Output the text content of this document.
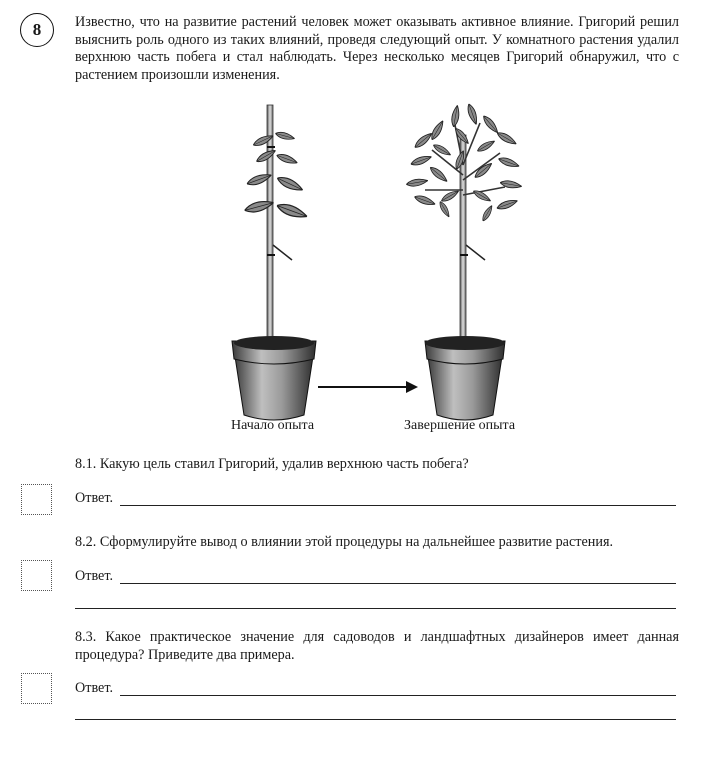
8	Известно, что на развитие растений человек может оказывать активное влияние. Григорий решил выяснить роль одного из таких влияний, проведя следующий опыт. У комнатного растения удалил верхнюю часть побега и стал наблюдать. Через несколько месяцев Григорий обнаружил, что с растением произошли изменения.

Начало опыта	Завершение опыта

8.1. Какую цель ставил Григорий, удалив верхнюю часть побега?

Ответ.

8.2. Сформулируйте вывод о влиянии этой процедуры на дальнейшее развитие растения.

Ответ.

8.3. Какое практическое значение для садоводов и ландшафтных дизайнеров имеет данная процедура? Приведите два примера.

Ответ.
